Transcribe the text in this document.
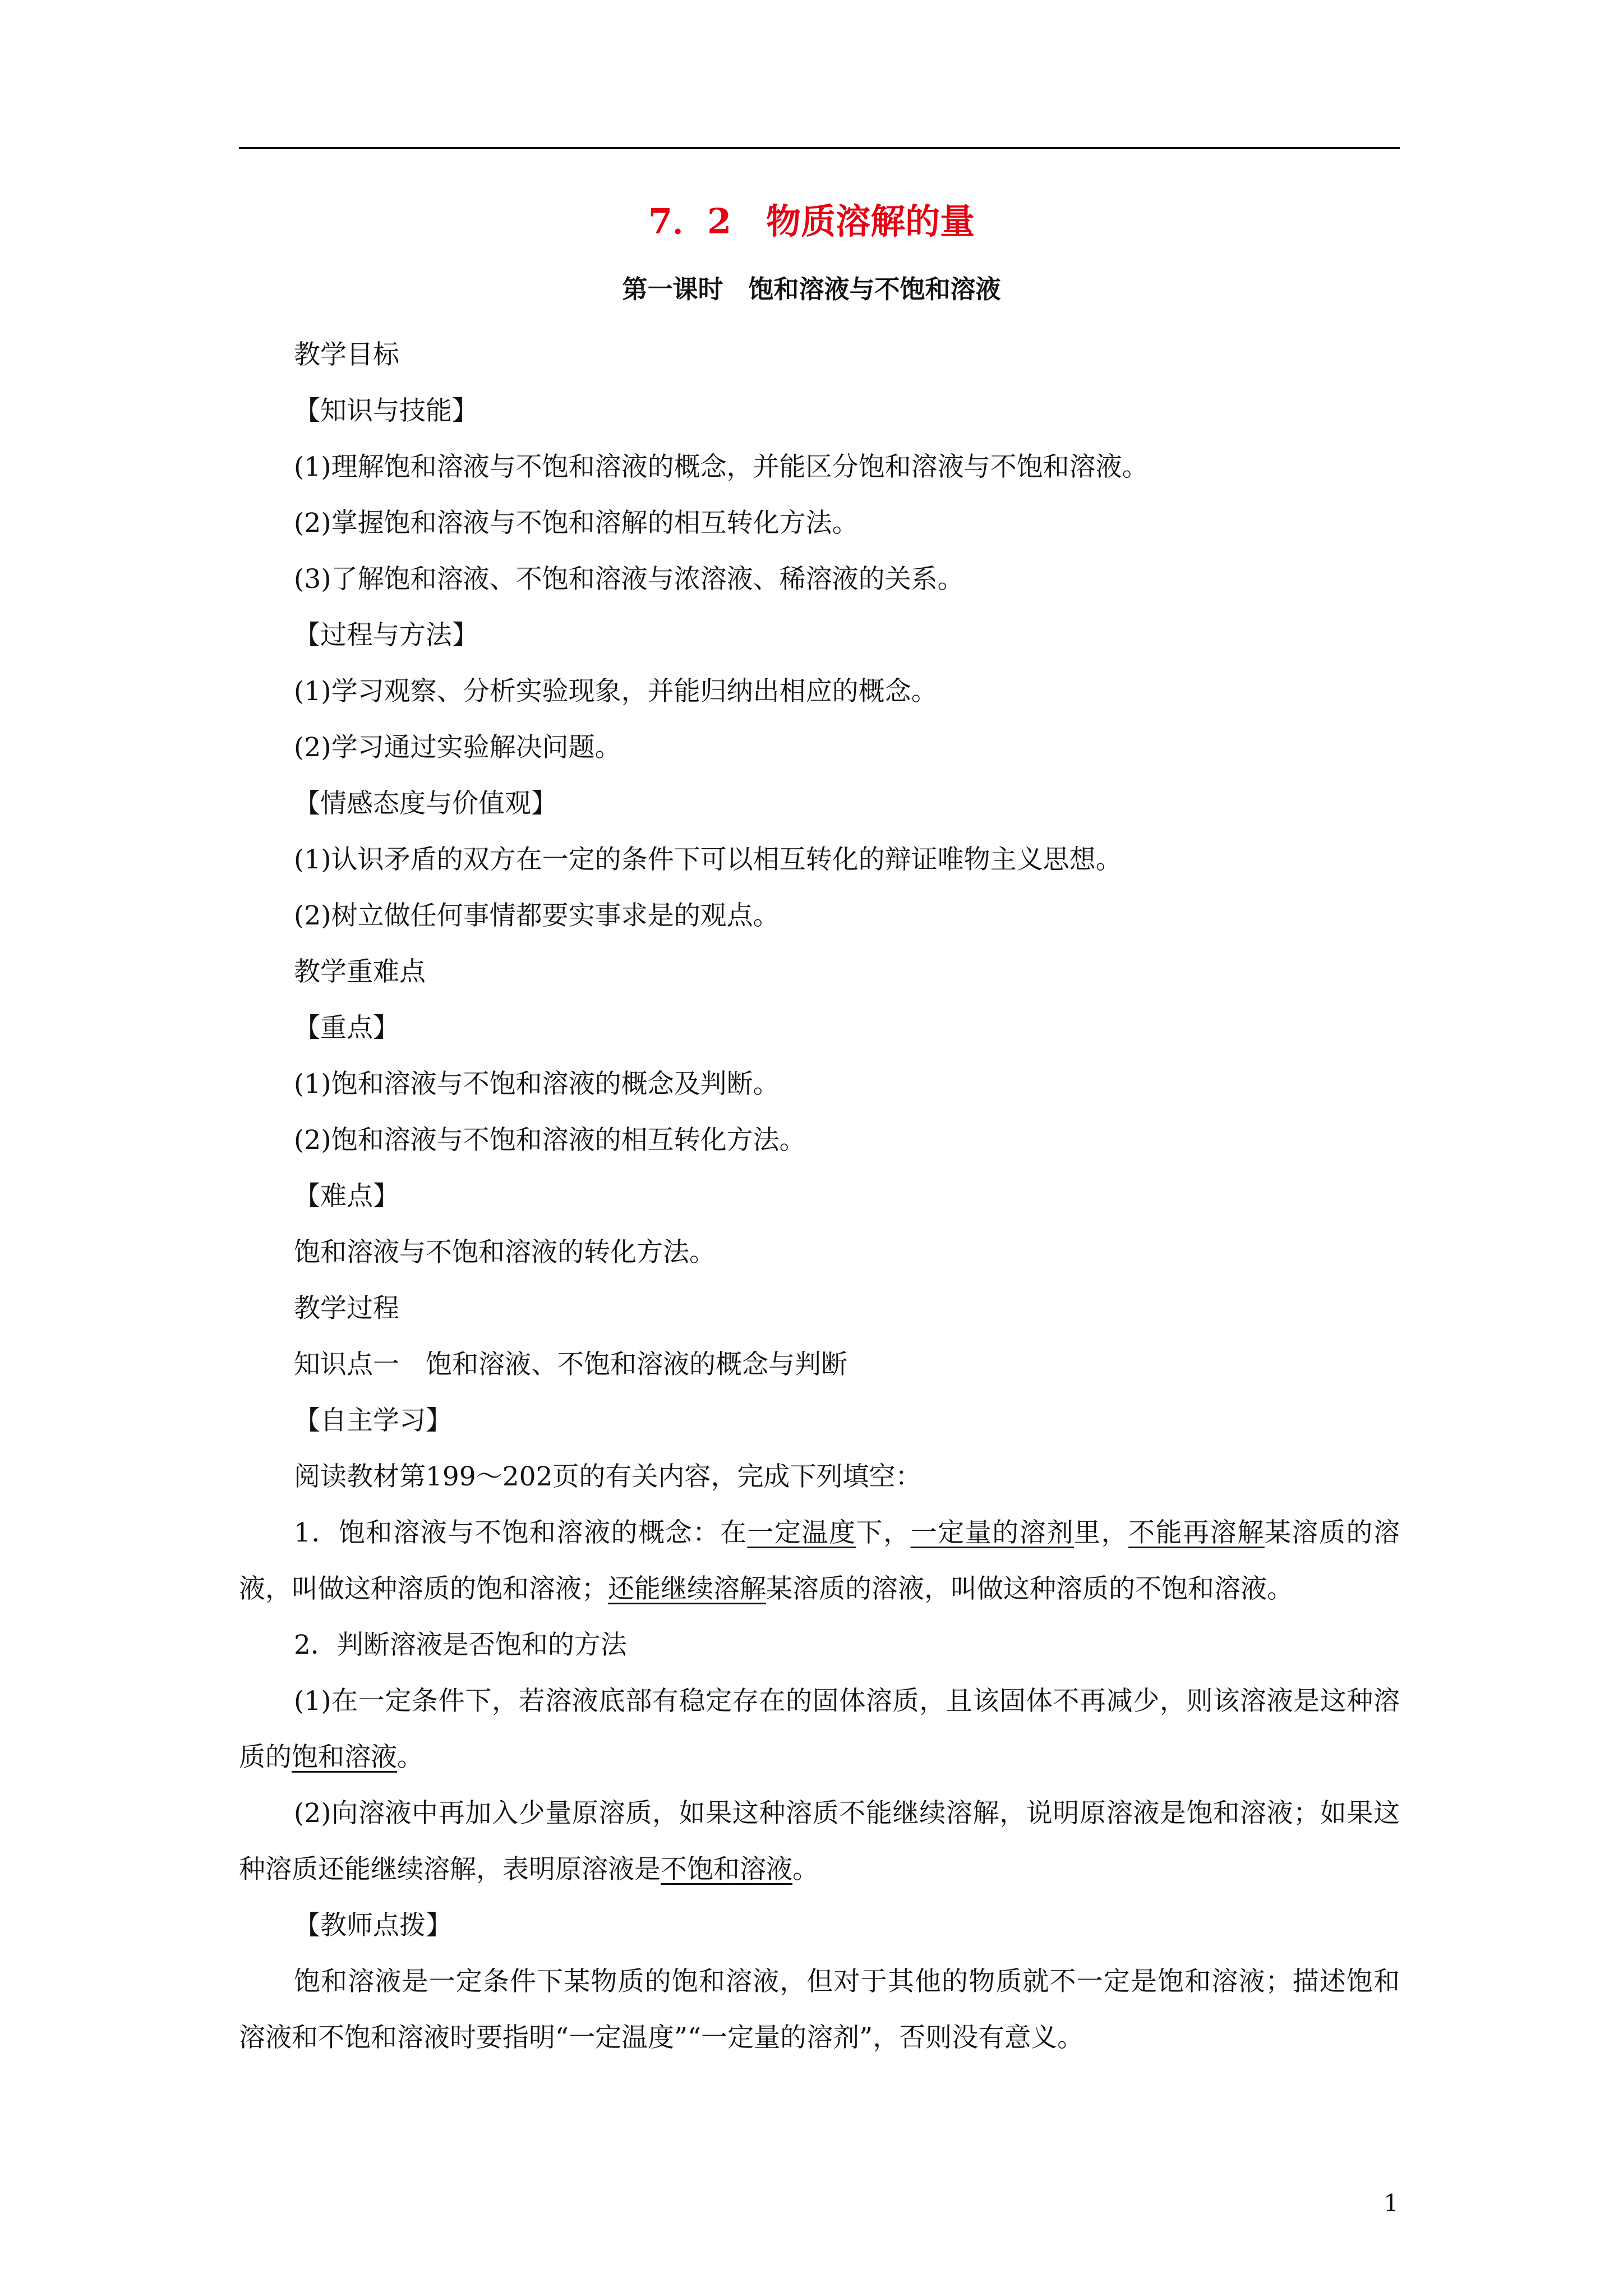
7．2　物质溶解的量
第一课时　饱和溶液与不饱和溶液

教学目标

【知识与技能】

(1)理解饱和溶液与不饱和溶液的概念，并能区分饱和溶液与不饱和溶液。

(2)掌握饱和溶液与不饱和溶解的相互转化方法。

(3)了解饱和溶液、不饱和溶液与浓溶液、稀溶液的关系。

【过程与方法】

(1)学习观察、分析实验现象，并能归纳出相应的概念。

(2)学习通过实验解决问题。

【情感态度与价值观】

(1)认识矛盾的双方在一定的条件下可以相互转化的辩证唯物主义思想。

(2)树立做任何事情都要实事求是的观点。

教学重难点

【重点】

(1)饱和溶液与不饱和溶液的概念及判断。

(2)饱和溶液与不饱和溶液的相互转化方法。

【难点】

饱和溶液与不饱和溶液的转化方法。

教学过程

知识点一　饱和溶液、不饱和溶液的概念与判断

【自主学习】

阅读教材第199～202页的有关内容，完成下列填空：

1．饱和溶液与不饱和溶液的概念：在一定温度下，一定量的溶剂里，不能再溶解某溶质的溶液，叫做这种溶质的饱和溶液；还能继续溶解某溶质的溶液，叫做这种溶质的不饱和溶液。

2．判断溶液是否饱和的方法

(1)在一定条件下，若溶液底部有稳定存在的固体溶质，且该固体不再减少，则该溶液是这种溶质的饱和溶液。

(2)向溶液中再加入少量原溶质，如果这种溶质不能继续溶解，说明原溶液是饱和溶液；如果这种溶质还能继续溶解，表明原溶液是不饱和溶液。

【教师点拨】

饱和溶液是一定条件下某物质的饱和溶液，但对于其他的物质就不一定是饱和溶液；描述饱和溶液和不饱和溶液时要指明“一定温度”“一定量的溶剂”，否则没有意义。

1
